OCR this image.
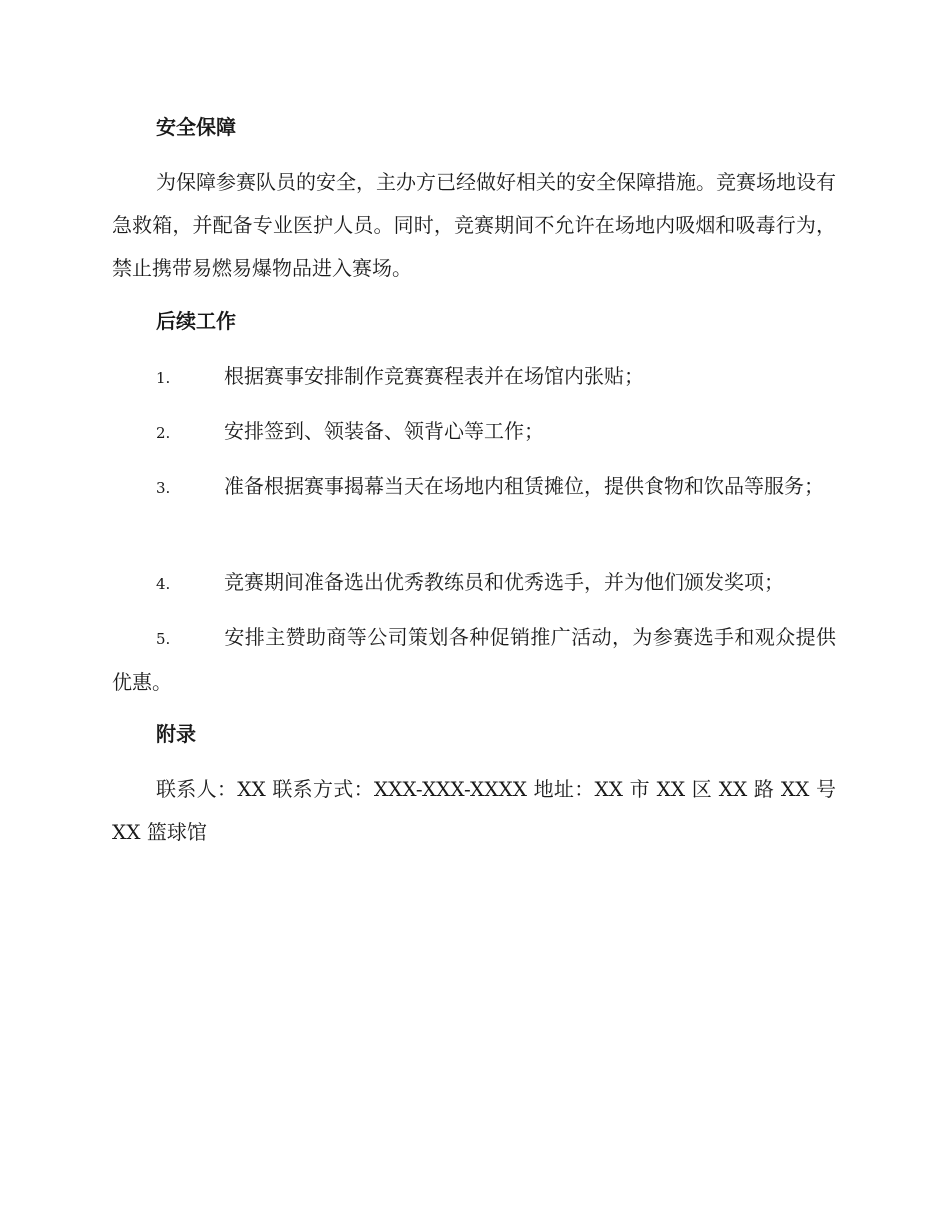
安全保障

为保障参赛队员的安全，主办方已经做好相关的安全保障措施。竞赛场地设有急救箱，并配备专业医护人员。同时，竞赛期间不允许在场地内吸烟和吸毒行为，禁止携带易燃易爆物品进入赛场。

后续工作
1.	根据赛事安排制作竞赛赛程表并在场馆内张贴；
2.	安排签到、领装备、领背心等工作；
3.	准备根据赛事揭幕当天在场地内租赁摊位，提供食物和饮品等服务；
4.	竞赛期间准备选出优秀教练员和优秀选手，并为他们颁发奖项；
5.	安排主赞助商等公司策划各种促销推广活动，为参赛选手和观众提供优惠。
附录

联系人：XX 联系方式：XXX-XXX-XXXX 地址：XX 市 XX 区 XX 路 XX 号 XX 篮球馆
